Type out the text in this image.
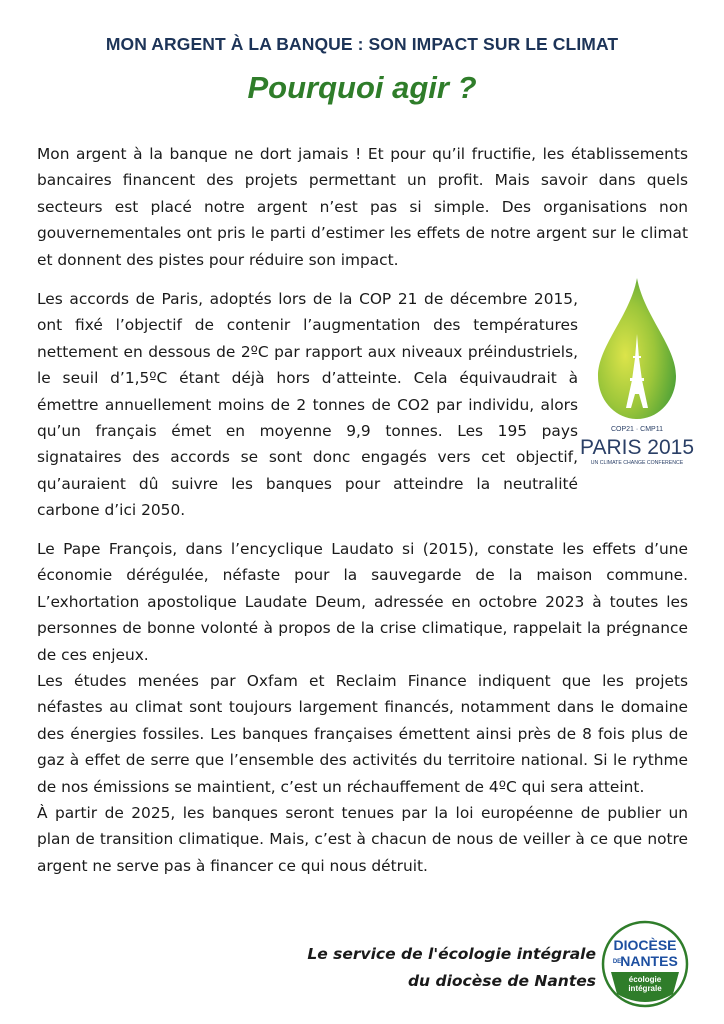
MON ARGENT À LA BANQUE : SON IMPACT SUR LE CLIMAT
Pourquoi agir ?

Mon argent à la banque ne dort jamais ! Et pour qu’il fructifie, les établissements bancaires financent des projets permettant un profit. Mais savoir dans quels secteurs est placé notre argent n’est pas si simple. Des organisations non gouvernementales ont pris le parti d’estimer les effets de notre argent sur le climat et donnent des pistes pour réduire son impact.

Les accords de Paris, adoptés lors de la COP 21 de décembre 2015, ont fixé l’objectif de contenir l’augmentation des températures nettement en dessous de 2ºC par rapport aux niveaux préindustriels, le seuil d’1,5ºC étant déjà hors d’atteinte. Cela équivaudrait à émettre annuellement moins de 2 tonnes de CO2 par individu, alors qu’un français émet en moyenne 9,9 tonnes. Les 195 pays signataires des accords se sont donc engagés vers cet objectif, qu’auraient dû suivre les banques pour atteindre la neutralité carbone d’ici 2050.

Le Pape François, dans l’encyclique Laudato si (2015), constate les effets d’une économie dérégulée, néfaste pour la sauvegarde de la maison commune. L’exhortation apostolique Laudate Deum, adressée en octobre 2023 à toutes les personnes de bonne volonté à propos de la crise climatique, rappelait la prégnance de ces enjeux.
Les études menées par Oxfam et Reclaim Finance indiquent que les projets néfastes au climat sont toujours largement financés, notamment dans le domaine des énergies fossiles. Les banques françaises émettent ainsi près de 8 fois plus de gaz à effet de serre que l’ensemble des activités du territoire national. Si le rythme de nos émissions se maintient, c’est un réchauffement de 4ºC qui sera atteint.
À partir de 2025, les banques seront tenues par la loi européenne de publier un plan de transition climatique. Mais, c’est à chacun de nous de veiller à ce que notre argent ne serve pas à financer ce qui nous détruit.
COP21 · CMP11
PARIS 2015
UN CLIMATE CHANGE CONFERENCE
Le service de l'écologie intégrale
du diocèse de Nantes
DIOCÈSE
DE NANTES
écologie
intégrale
